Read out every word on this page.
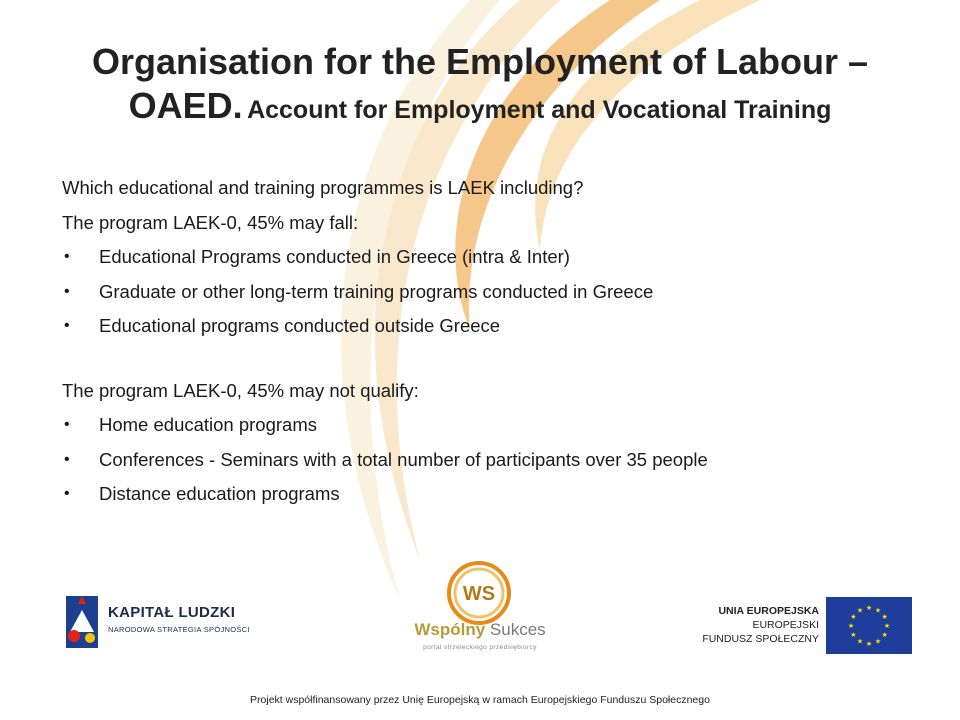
Organisation for the Employment of Labour –
OAED. Account for Employment and Vocational Training
Which educational and training programmes is LAEK including?
The program LAEK-0, 45% may fall:
• Educational Programs conducted in Greece (intra & Inter)
• Graduate or other long-term training programs conducted in Greece
• Educational programs conducted outside Greece
The program LAEK-0, 45% may not qualify:
• Home education programs
• Conferences - Seminars with a total number of participants over 35 people
• Distance education programs
KAPITAŁ LUDZKI
NARODOWA STRATEGIA SPÓJNOŚCI
WS
Wspólny Sukces
portal strzeleckiego przedsiębiorcy
UNIA EUROPEJSKA
EUROPEJSKI
FUNDUSZ SPOŁECZNY
★ ★
★
★
★
★
★
★
★
★
★
★
Projekt współfinansowany przez Unię Europejską w ramach Europejskiego Funduszu Społecznego
